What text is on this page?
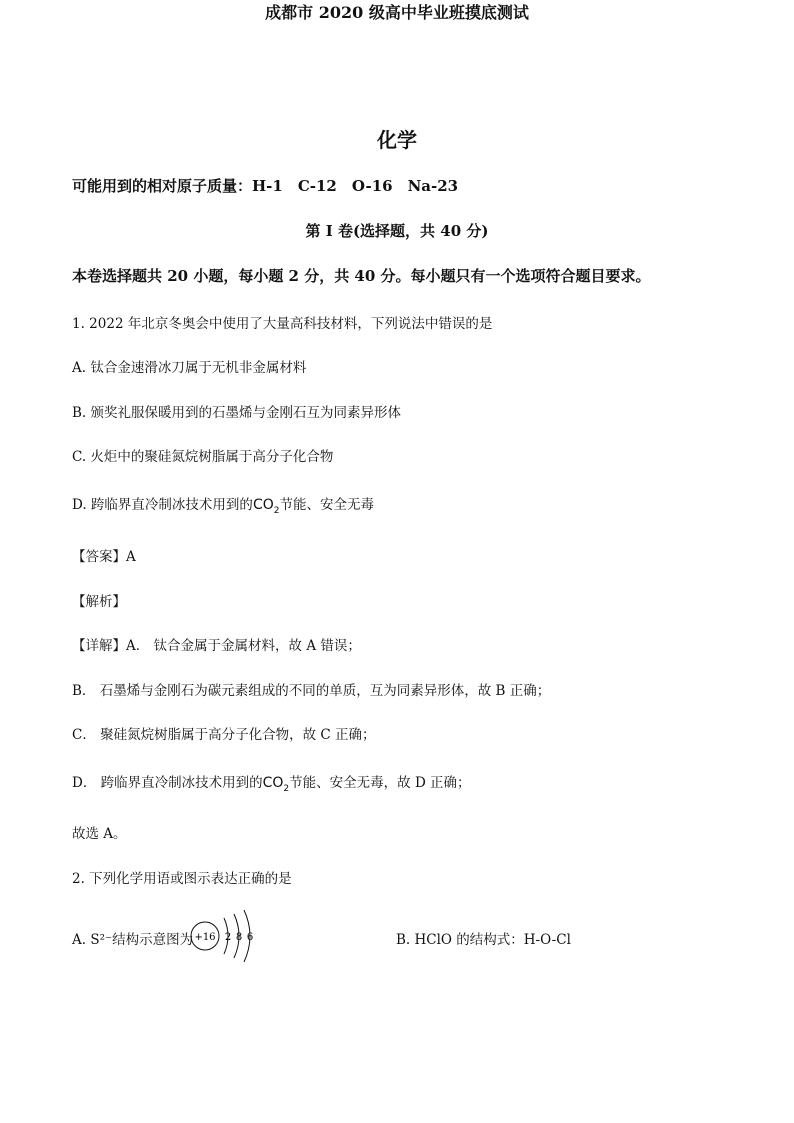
成都市 2020 级高中毕业班摸底测试
化学
可能用到的相对原子质量：H-1　C-12　O-16　Na-23
第 I 卷(选择题，共 40 分)
本卷选择题共 20 小题，每小题 2 分，共 40 分。每小题只有一个选项符合题目要求。
1. 2022 年北京冬奥会中使用了大量高科技材料，下列说法中错误的是
A. 钛合金速滑冰刀属于无机非金属材料
B. 颁奖礼服保暖用到的石墨烯与金刚石互为同素异形体
C. 火炬中的聚硅氮烷树脂属于高分子化合物
D. 跨临界直冷制冰技术用到的$CO_2$节能、安全无毒
【答案】A
【解析】
【详解】A． 钛合金属于金属材料，故 A 错误；
B． 石墨烯与金刚石为碳元素组成的不同的单质，互为同素异形体，故 B 正确；
C． 聚硅氮烷树脂属于高分子化合物，故 C 正确；
D． 跨临界直冷制冰技术用到的$CO_2$节能、安全无毒，故 D 正确；
故选 A。
2. 下列化学用语或图示表达正确的是
A. S²⁻结构示意图为 +16 2 8 6	B. HClO 的结构式：H-O-Cl
